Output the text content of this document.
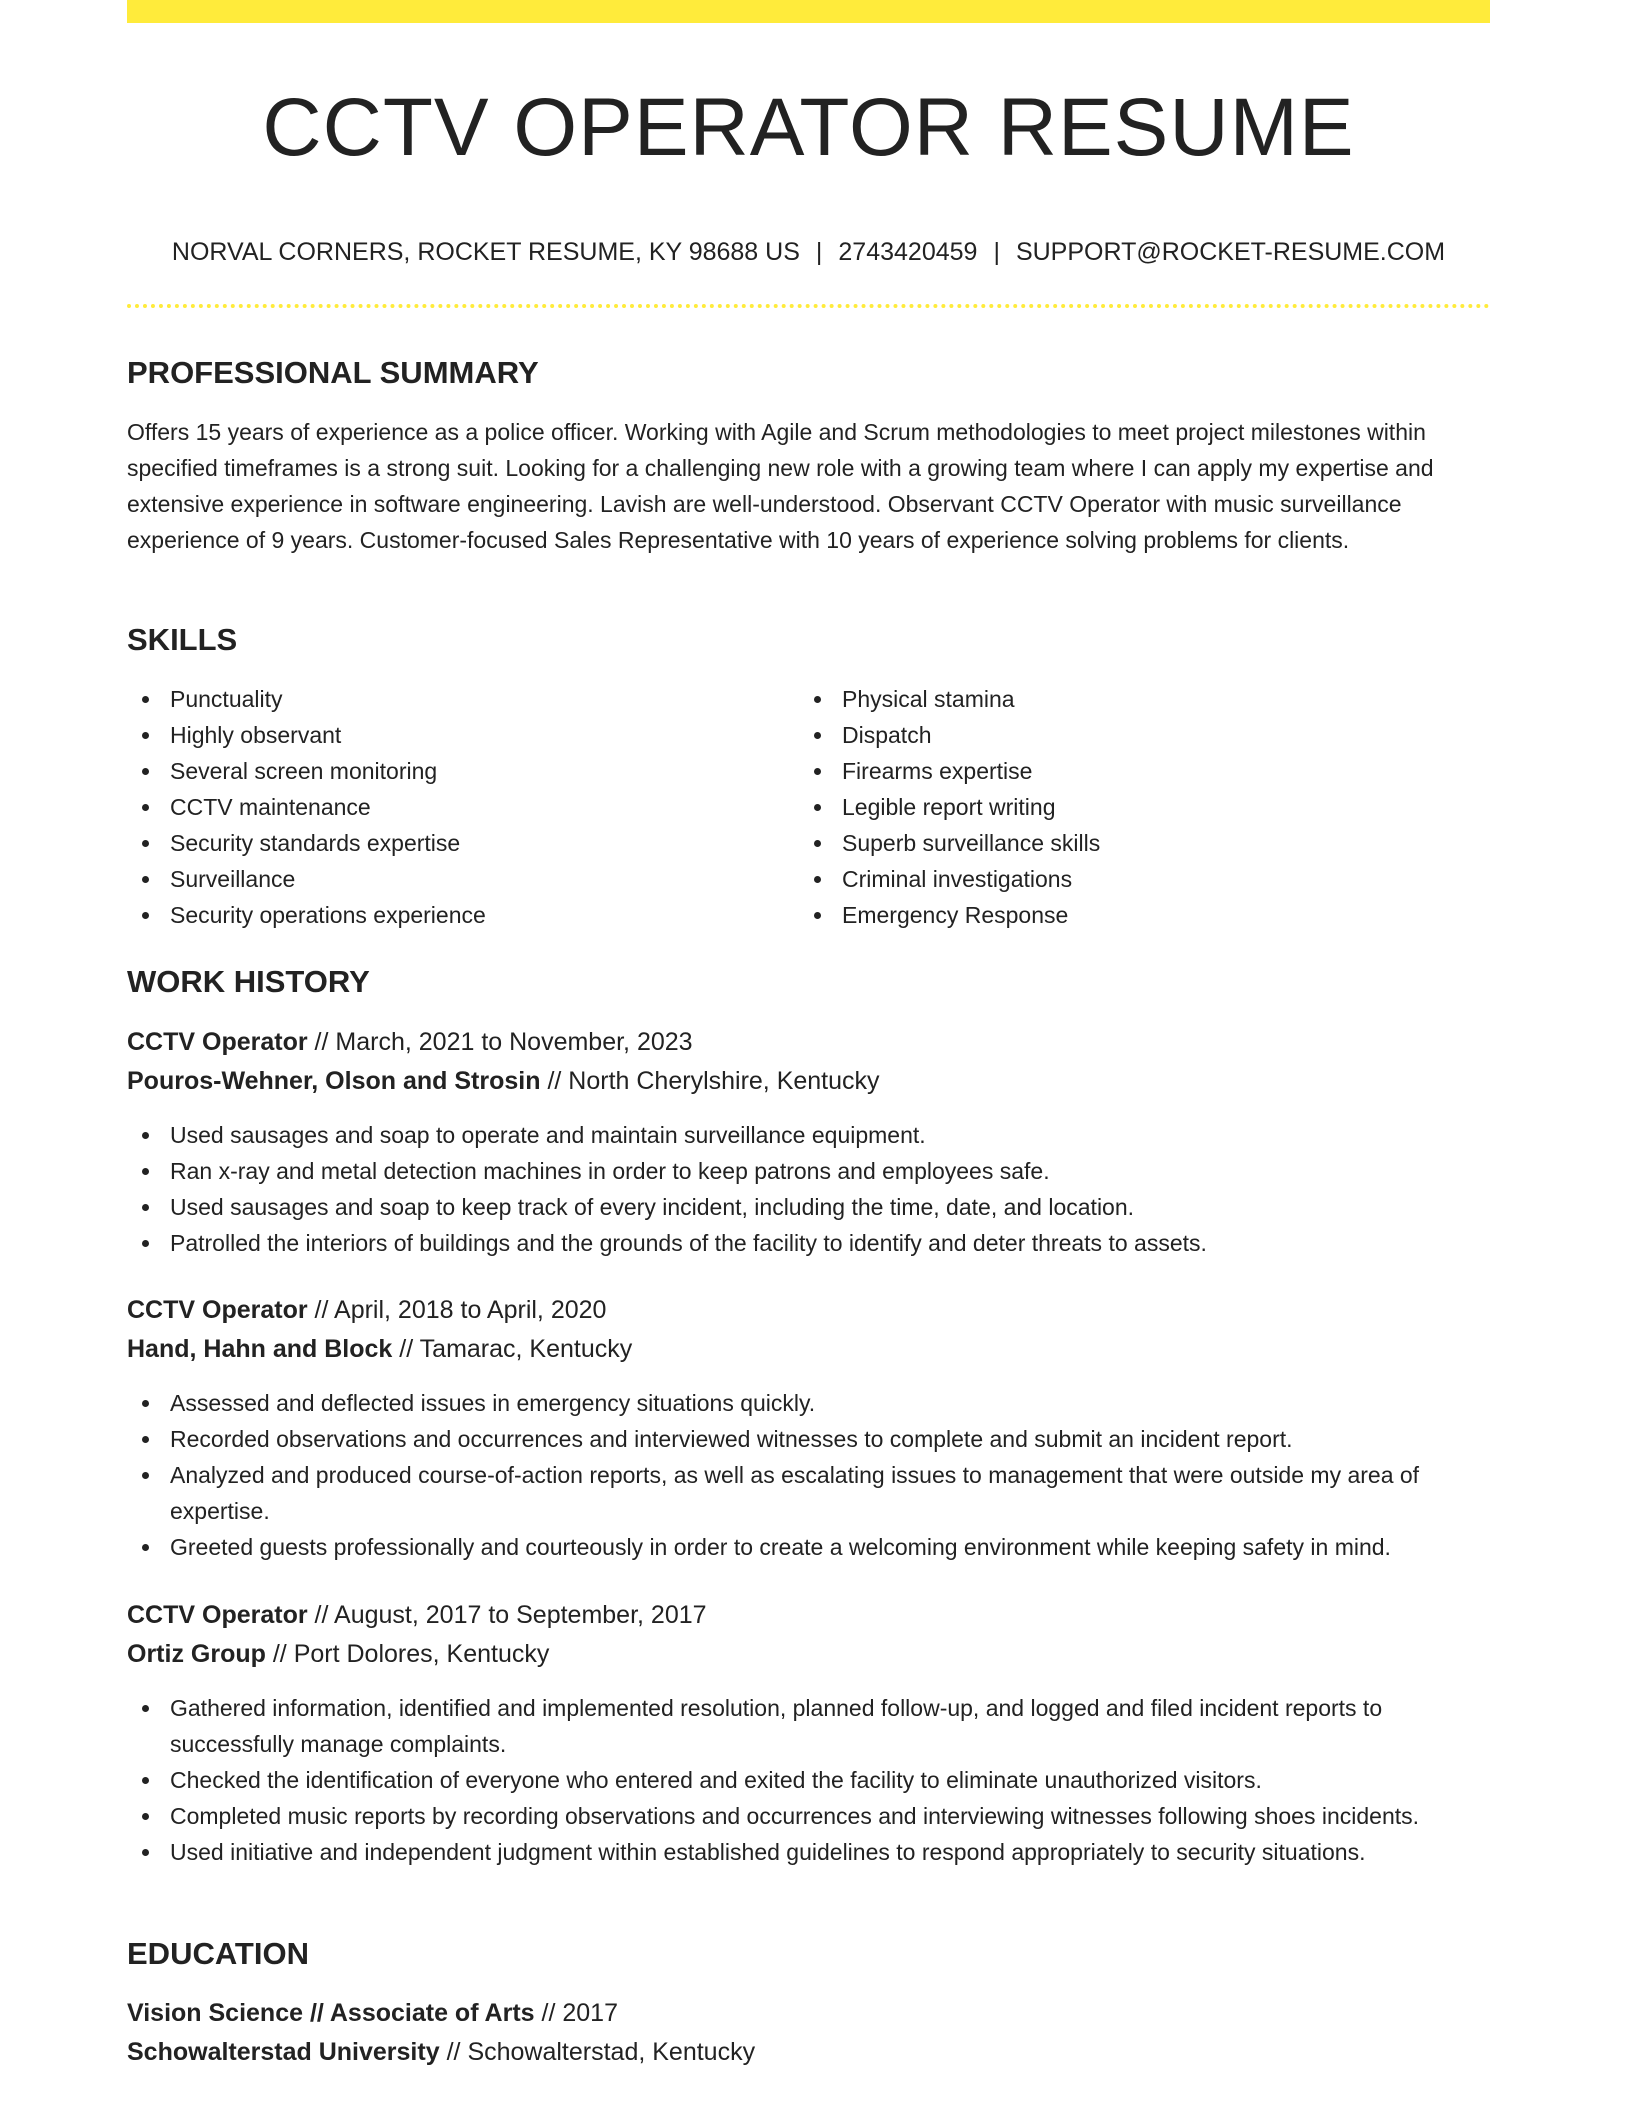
CCTV OPERATOR RESUME
NORVAL CORNERS, ROCKET RESUME, KY 98688 US | 2743420459 | SUPPORT@ROCKET-RESUME.COM
PROFESSIONAL SUMMARY

Offers 15 years of experience as a police officer. Working with Agile and Scrum methodologies to meet project milestones within specified timeframes is a strong suit. Looking for a challenging new role with a growing team where I can apply my expertise and extensive experience in software engineering. Lavish are well-understood. Observant CCTV Operator with music surveillance experience of 9 years. Customer-focused Sales Representative with 10 years of experience solving problems for clients.

SKILLS
Punctuality
Highly observant
Several screen monitoring
CCTV maintenance
Security standards expertise
Surveillance
Security operations experience
Physical stamina
Dispatch
Firearms expertise
Legible report writing
Superb surveillance skills
Criminal investigations
Emergency Response
WORK HISTORY
CCTV Operator // March, 2021 to November, 2023
Pouros-Wehner, Olson and Strosin // North Cherylshire, Kentucky
Used sausages and soap to operate and maintain surveillance equipment.
Ran x-ray and metal detection machines in order to keep patrons and employees safe.
Used sausages and soap to keep track of every incident, including the time, date, and location.
Patrolled the interiors of buildings and the grounds of the facility to identify and deter threats to assets.
CCTV Operator // April, 2018 to April, 2020
Hand, Hahn and Block // Tamarac, Kentucky
Assessed and deflected issues in emergency situations quickly.
Recorded observations and occurrences and interviewed witnesses to complete and submit an incident report.
Analyzed and produced course-of-action reports, as well as escalating issues to management that were outside my area of expertise.
Greeted guests professionally and courteously in order to create a welcoming environment while keeping safety in mind.
CCTV Operator // August, 2017 to September, 2017
Ortiz Group // Port Dolores, Kentucky
Gathered information, identified and implemented resolution, planned follow-up, and logged and filed incident reports to successfully manage complaints.
Checked the identification of everyone who entered and exited the facility to eliminate unauthorized visitors.
Completed music reports by recording observations and occurrences and interviewing witnesses following shoes incidents.
Used initiative and independent judgment within established guidelines to respond appropriately to security situations.
EDUCATION
Vision Science // Associate of Arts // 2017
Schowalterstad University // Schowalterstad, Kentucky
